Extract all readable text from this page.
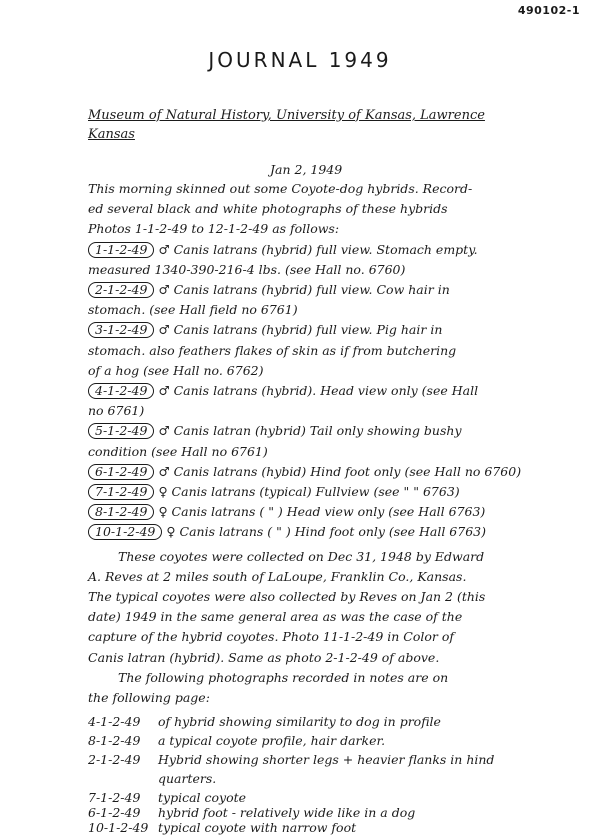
490102-1
JOURNAL 1949
Museum of Natural History, University of Kansas, Lawrence
Kansas
Jan 2, 1949
This morning skinned out some Coyote-dog hybrids. Record-
ed several black and white photographs of these hybrids
Photos 1-1-2-49 to 12-1-2-49 as follows:
1-1-2-49 ♂ Canis latrans (hybrid) full view. Stomach empty.
measured 1340-390-216-4 lbs. (see Hall no. 6760)
2-1-2-49 ♂ Canis latrans (hybrid) full view. Cow hair in
stomach. (see Hall field no 6761)
3-1-2-49 ♂ Canis latrans (hybrid) full view. Pig hair in
stomach. also feathers flakes of skin as if from butchering
of a hog (see Hall no. 6762)
4-1-2-49 ♂ Canis latrans (hybrid). Head view only (see Hall
no 6761)
5-1-2-49 ♂ Canis latran (hybrid) Tail only showing bushy
condition (see Hall no 6761)
6-1-2-49 ♂ Canis latrans (hybid) Hind foot only (see Hall no 6760)
7-1-2-49 ♀ Canis latrans (typical) Fullview (see " " 6763)
8-1-2-49 ♀ Canis latrans ( " ) Head view only (see Hall 6763)
10-1-2-49 ♀ Canis latrans ( " ) Hind foot only (see Hall 6763)
These coyotes were collected on Dec 31, 1948 by Edward
A. Reves at 2 miles south of LaLoupe, Franklin Co., Kansas.
The typical coyotes were also collected by Reves on Jan 2 (this
date) 1949 in the same general area as was the case of the
capture of the hybrid coyotes. Photo 11-1-2-49 in Color of
Canis latran (hybrid). Same as photo 2-1-2-49 of above.
The following photographs recorded in notes are on
the following page:
4-1-2-49 of hybrid showing similarity to dog in profile
8-1-2-49 a typical coyote profile, hair darker.
2-1-2-49 Hybrid showing shorter legs + heavier flanks in hind
quarters.
7-1-2-49 typical coyote
6-1-2-49 hybrid foot - relatively wide like in a dog
10-1-2-49 typical coyote with narrow foot
